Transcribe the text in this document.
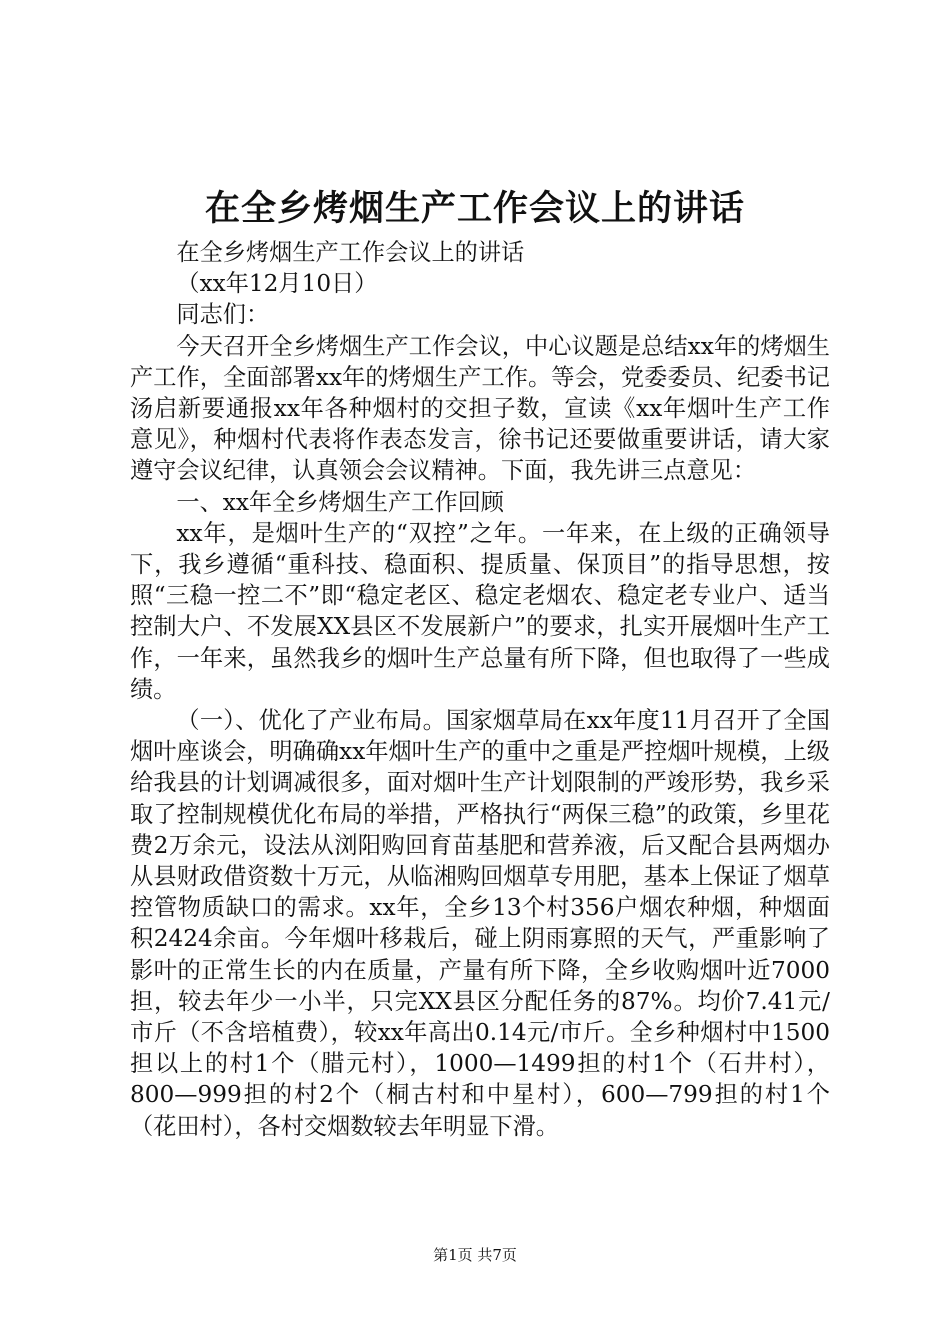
在全乡烤烟生产工作会议上的讲话

在全乡烤烟生产工作会议上的讲话

（xx年12月10日）

同志们：

今天召开全乡烤烟生产工作会议，中心议题是总结xx年的烤烟生产工作，全面部署xx年的烤烟生产工作。等会，党委委员、纪委书记汤启新要通报xx年各种烟村的交担子数，宣读《xx年烟叶生产工作意见》，种烟村代表将作表态发言，徐书记还要做重要讲话，请大家遵守会议纪律，认真领会会议精神。下面，我先讲三点意见：

一、xx年全乡烤烟生产工作回顾

xx年，是烟叶生产的“双控”之年。一年来，在上级的正确领导下，我乡遵循“重科技、稳面积、提质量、保顶目”的指导思想，按照“三稳一控二不”即“稳定老区、稳定老烟农、稳定老专业户、适当控制大户、不发展XX县区不发展新户”的要求，扎实开展烟叶生产工作，一年来，虽然我乡的烟叶生产总量有所下降，但也取得了一些成绩。

（一）、优化了产业布局。国家烟草局在xx年度11月召开了全国烟叶座谈会，明确确xx年烟叶生产的重中之重是严控烟叶规模，上级给我县的计划调减很多，面对烟叶生产计划限制的严竣形势，我乡采取了控制规模优化布局的举措，严格执行“两保三稳”的政策，乡里花费2万余元，设法从浏阳购回育苗基肥和营养液，后又配合县两烟办从县财政借资数十万元，从临湘购回烟草专用肥，基本上保证了烟草控管物质缺口的需求。xx年，全乡13个村356户烟农种烟，种烟面积2424余亩。今年烟叶移栽后，碰上阴雨寡照的天气，严重影响了影叶的正常生长的内在质量，产量有所下降，全乡收购烟叶近7000担，较去年少一小半，只完XX县区分配任务的87%。均价7.41元/市斤（不含培植费），较xx年高出0.14元/市斤。全乡种烟村中1500担以上的村1个（腊元村），1000—1499担的村1个（石井村），800—999担的村2个（桐古村和中星村），600—799担的村1个（花田村），各村交烟数较去年明显下滑。

第1页 共7页
